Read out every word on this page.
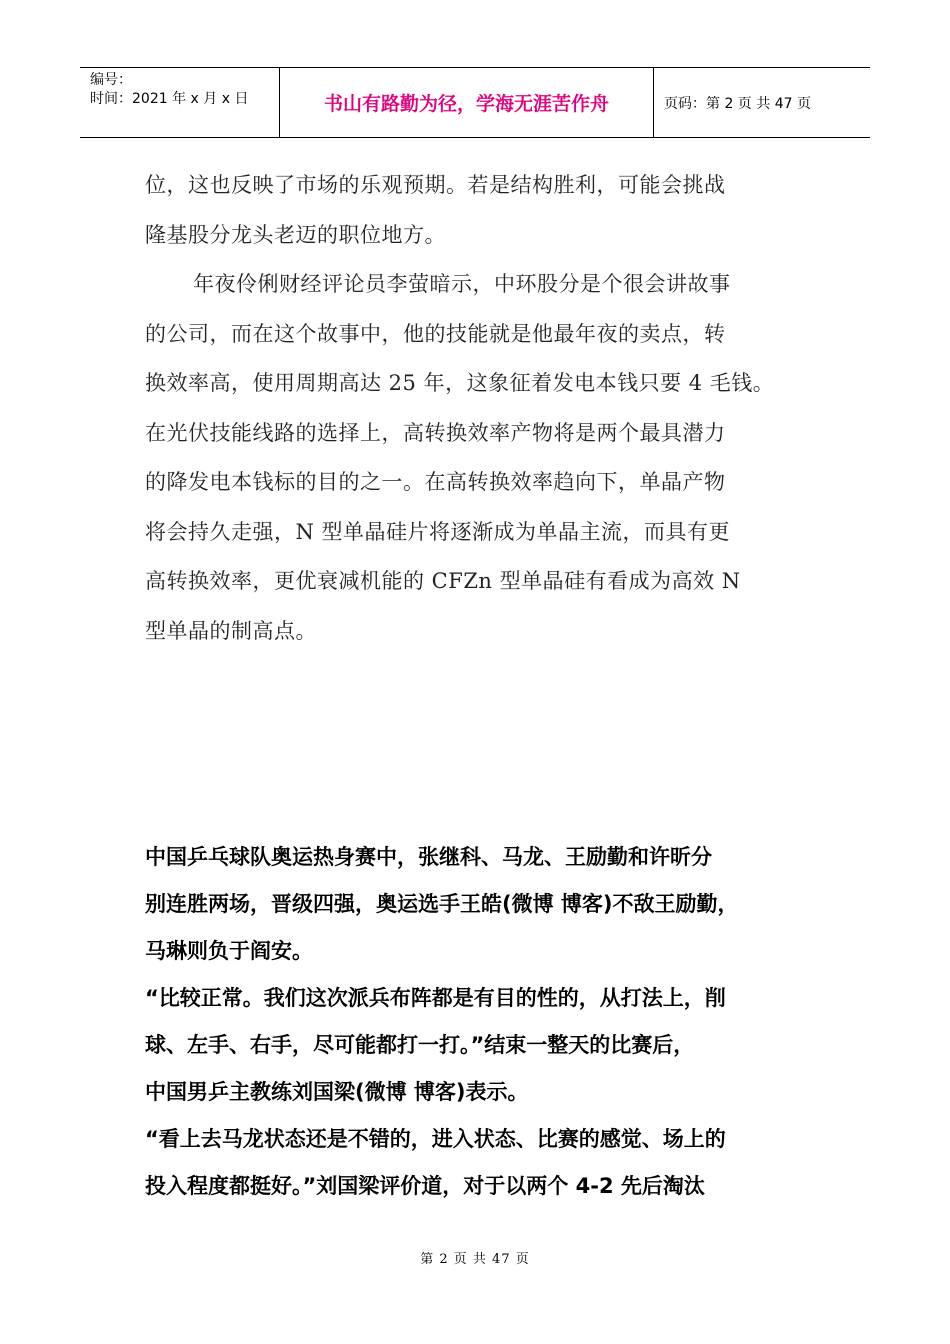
编号：
时间：2021 年 x 月 x 日	书山有路勤为径，学海无涯苦作舟	页码：第 2 页 共 47 页
位，这也反映了市场的乐观预期。若是结构胜利，可能会挑战
隆基股分龙头老迈的职位地方。
年夜伶俐财经评论员李萤暗示，中环股分是个很会讲故事
的公司，而在这个故事中，他的技能就是他最年夜的卖点，转
换效率高，使用周期高达 25 年，这象征着发电本钱只要 4 毛钱。
在光伏技能线路的选择上，高转换效率产物将是两个最具潜力
的降发电本钱标的目的之一。在高转换效率趋向下，单晶产物
将会持久走强，N 型单晶硅片将逐渐成为单晶主流，而具有更
高转换效率，更优衰减机能的 CFZn 型单晶硅有看成为高效 N
型单晶的制高点。
中国乒乓球队奥运热身赛中，张继科、马龙、王励勤和许昕分
别连胜两场，晋级四强，奥运选手王皓(微博 博客)不敌王励勤，
马琳则负于阎安。
“比较正常。我们这次派兵布阵都是有目的性的，从打法上，削
球、左手、右手，尽可能都打一打。”结束一整天的比赛后，
中国男乒主教练刘国梁(微博 博客)表示。
“看上去马龙状态还是不错的，进入状态、比赛的感觉、场上的
投入程度都挺好。”刘国梁评价道，对于以两个 4-2 先后淘汰
第 2 页 共 47 页
